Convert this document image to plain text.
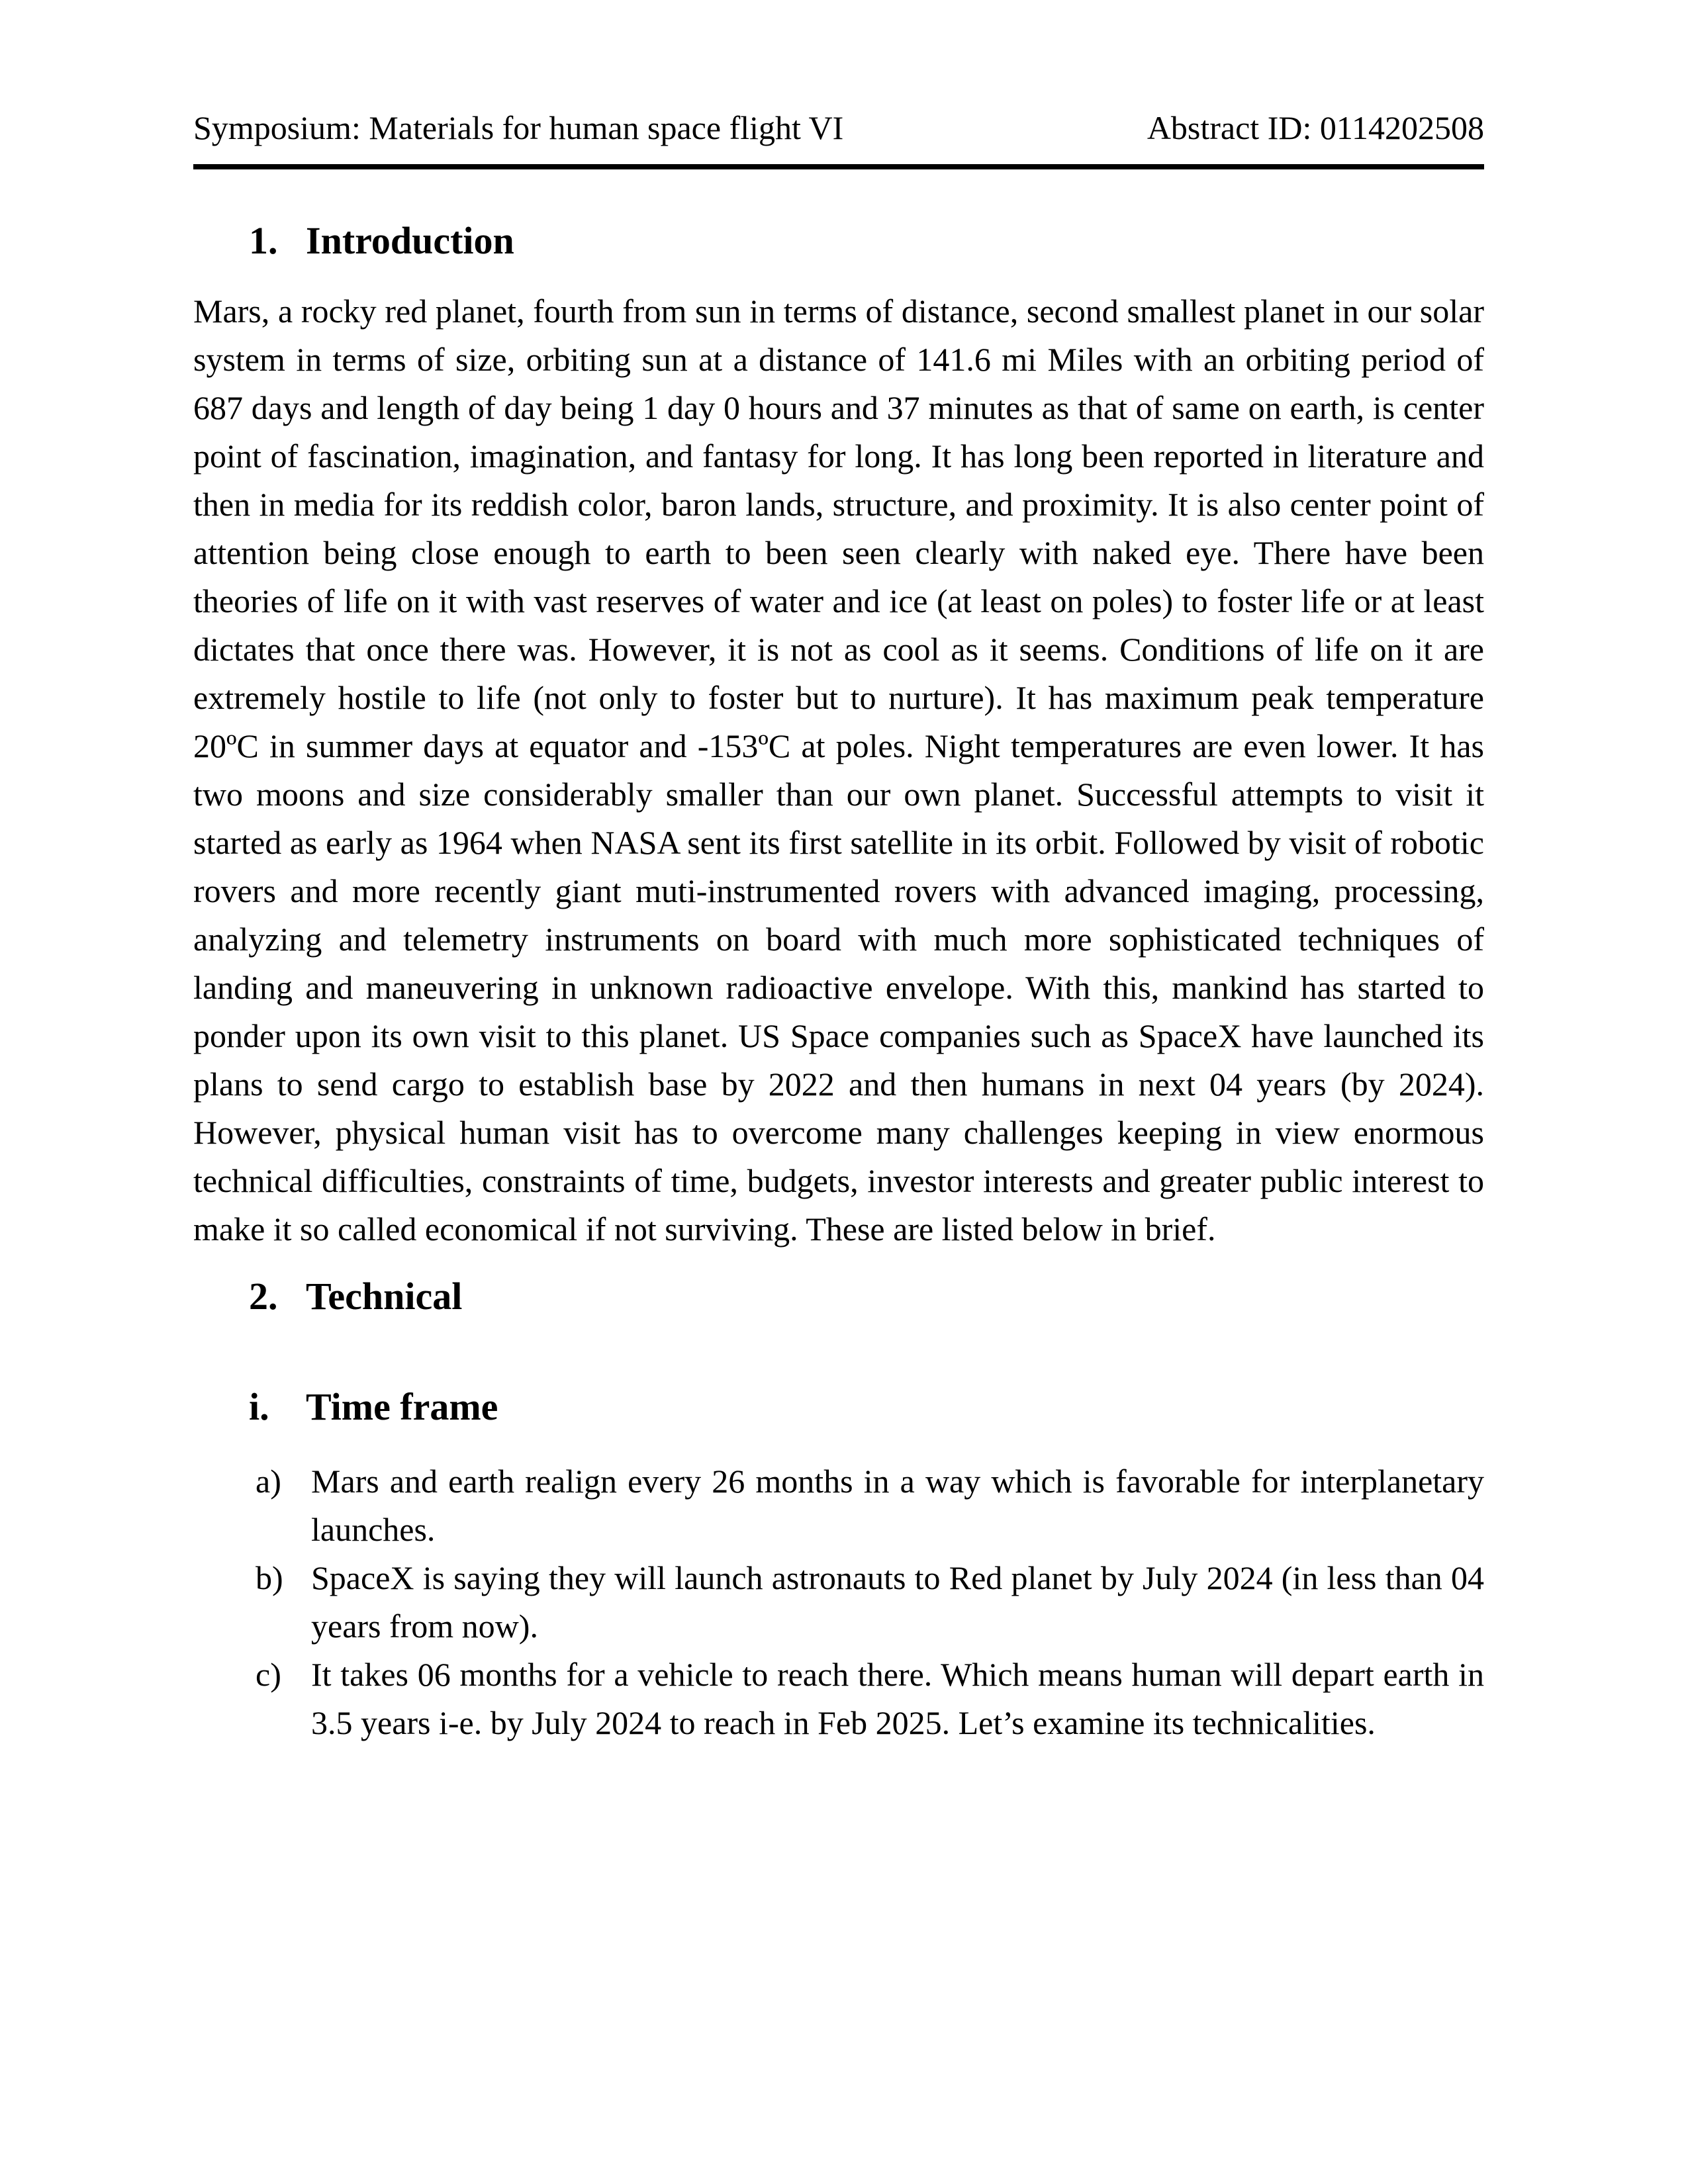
Symposium: Materials for human space flight VI	Abstract ID: 0114202508
1. Introduction

Mars, a rocky red planet, fourth from sun in terms of distance, second smallest planet in our solar system in terms of size, orbiting sun at a distance of 141.6 mi Miles with an orbiting period of 687 days and length of day being 1 day 0 hours and 37 minutes as that of same on earth, is center point of fascination, imagination, and fantasy for long. It has long been reported in literature and then in media for its reddish color, baron lands, structure, and proximity. It is also center point of attention being close enough to earth to been seen clearly with naked eye. There have been theories of life on it with vast reserves of water and ice (at least on poles) to foster life or at least dictates that once there was. However, it is not as cool as it seems. Conditions of life on it are extremely hostile to life (not only to foster but to nurture). It has maximum peak temperature 20ºC in summer days at equator and -153ºC at poles. Night temperatures are even lower. It has two moons and size considerably smaller than our own planet. Successful attempts to visit it started as early as 1964 when NASA sent its first satellite in its orbit. Followed by visit of robotic rovers and more recently giant muti-instrumented rovers with advanced imaging, processing, analyzing and telemetry instruments on board with much more sophisticated techniques of landing and maneuvering in unknown radioactive envelope. With this, mankind has started to ponder upon its own visit to this planet. US Space companies such as SpaceX have launched its plans to send cargo to establish base by 2022 and then humans in next 04 years (by 2024). However, physical human visit has to overcome many challenges keeping in view enormous technical difficulties, constraints of time, budgets, investor interests and greater public interest to make it so called economical if not surviving. These are listed below in brief.

2. Technical
i. Time frame
a) Mars and earth realign every 26 months in a way which is favorable for interplanetary launches.
b) SpaceX is saying they will launch astronauts to Red planet by July 2024 (in less than 04 years from now).
c) It takes 06 months for a vehicle to reach there. Which means human will depart earth in 3.5 years i-e. by July 2024 to reach in Feb 2025. Let’s examine its technicalities.
